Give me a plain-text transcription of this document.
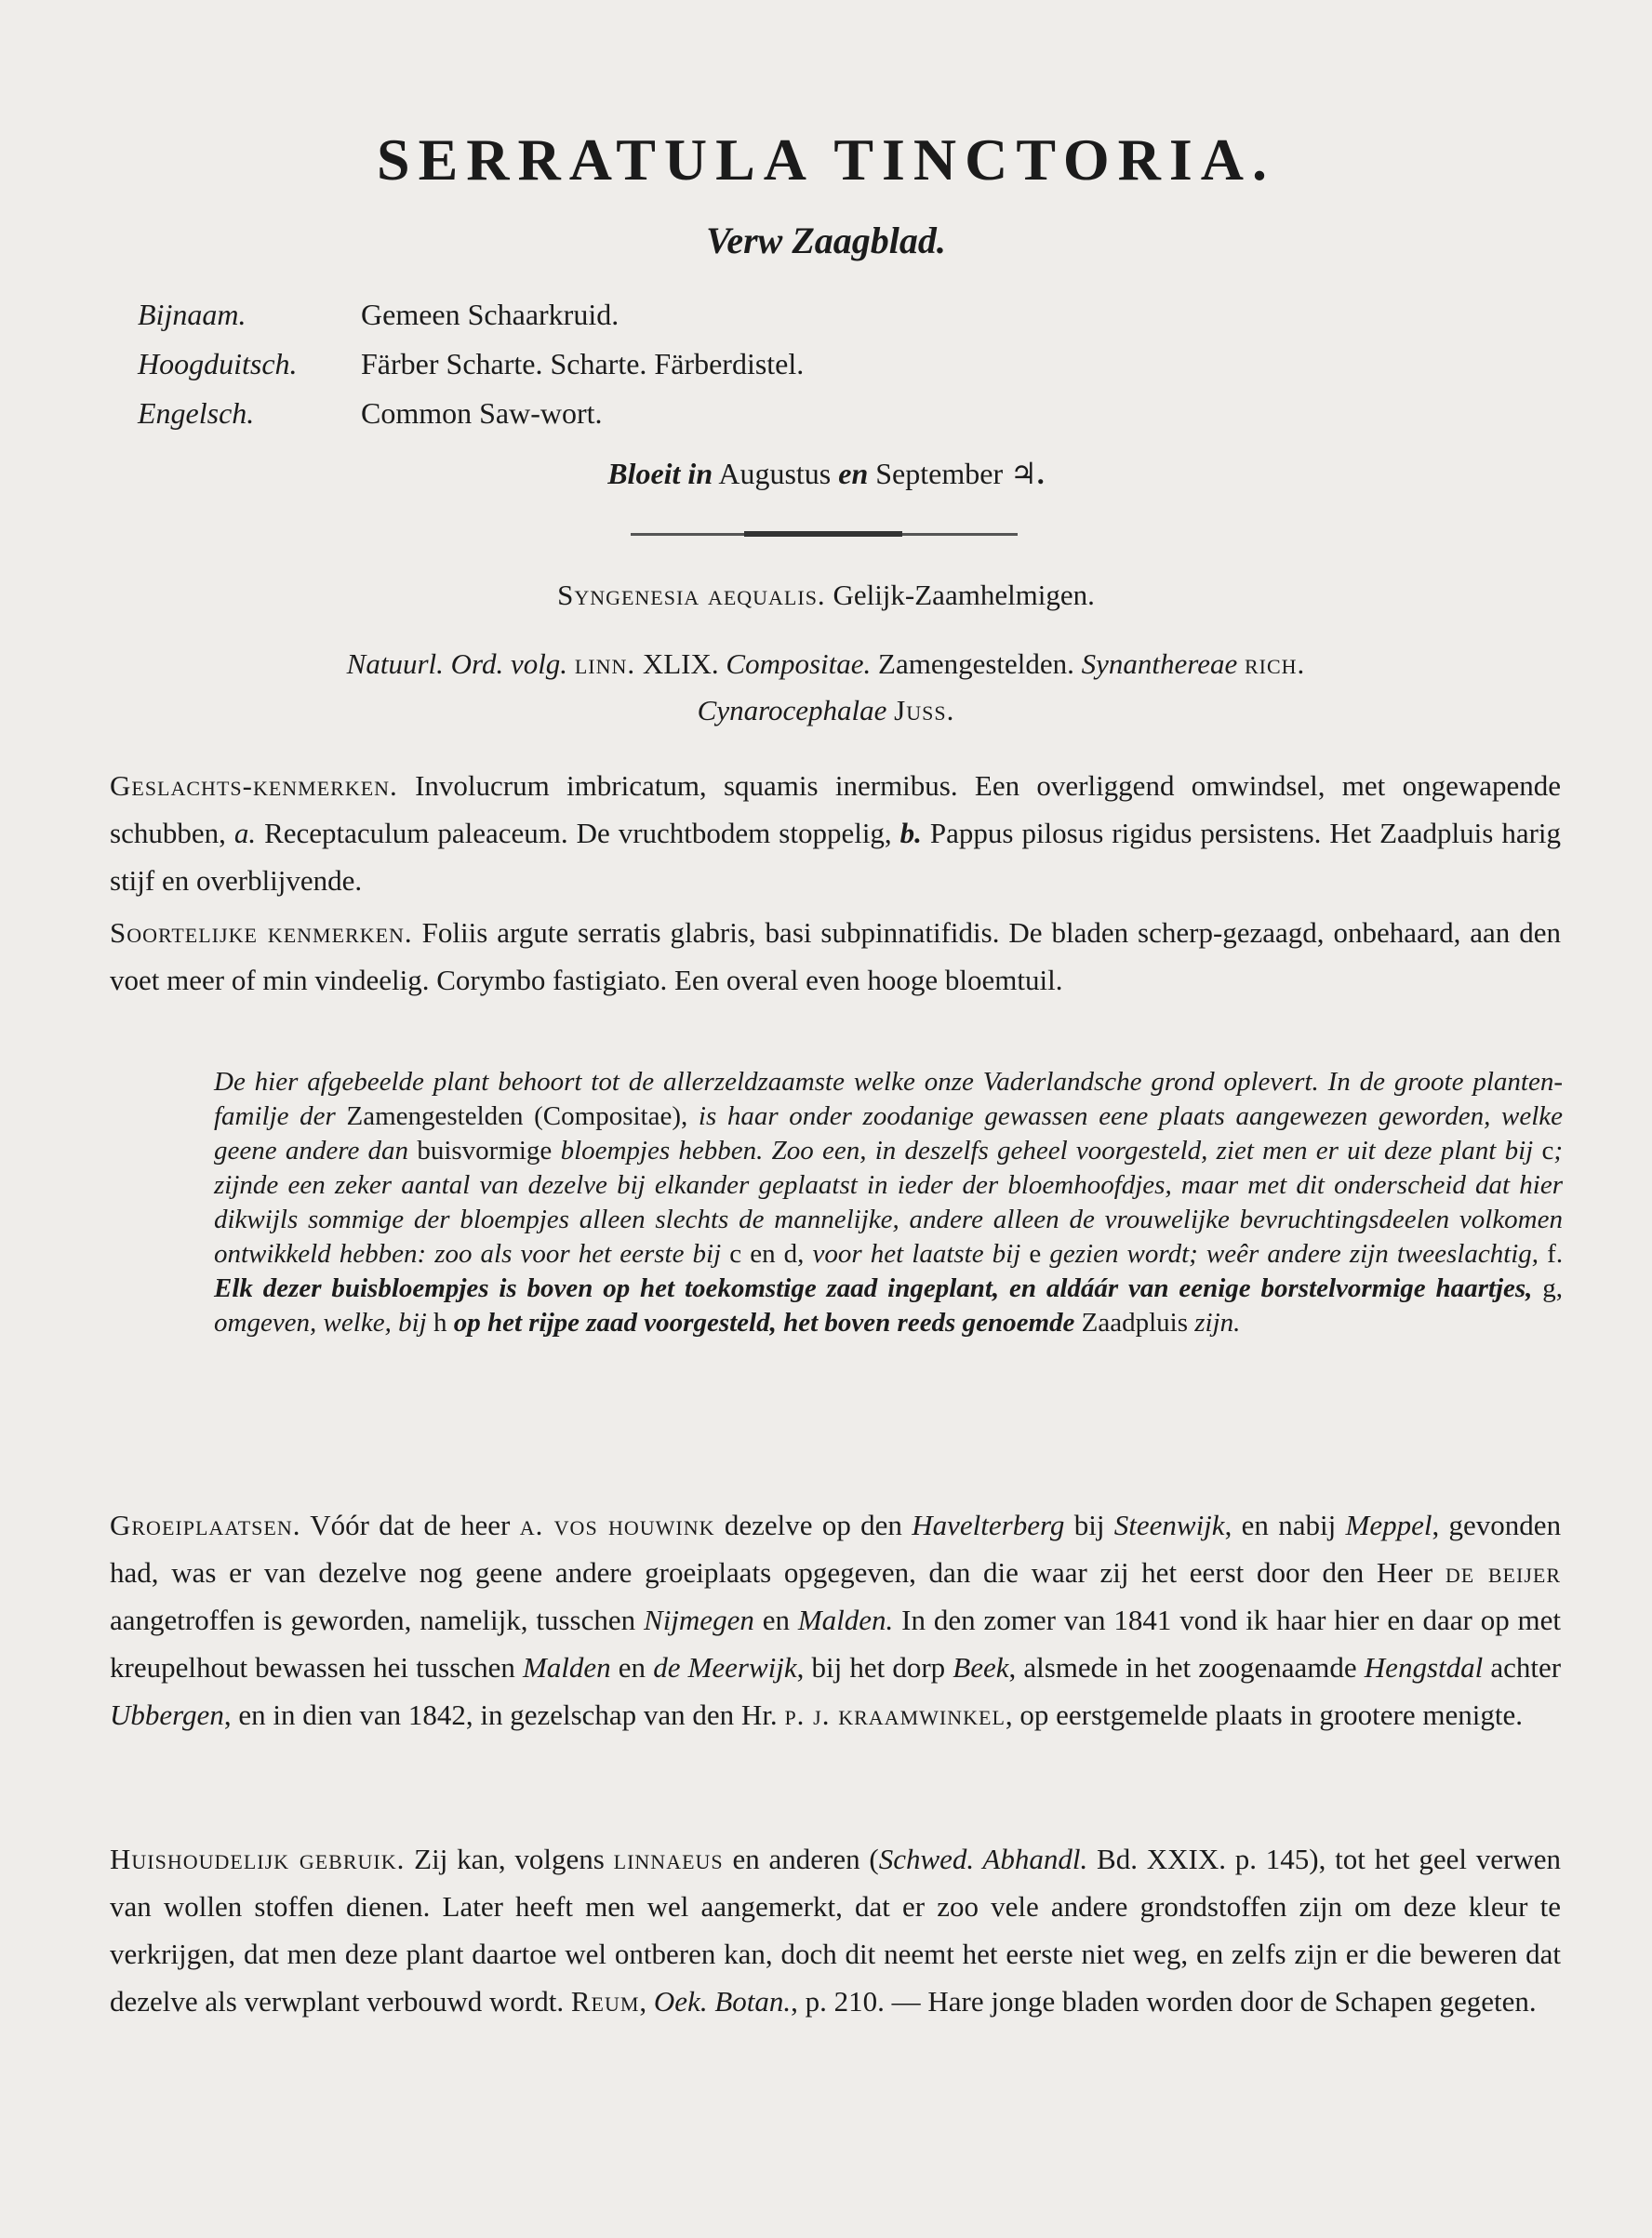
SERRATULA TINCTORIA.
Verw Zaagblad.
Bijnaam.	Gemeen Schaarkruid.
Hoogduitsch.	Färber Scharte. Scharte. Färberdistel.
Engelsch.	Common Saw-wort.
Bloeit in Augustus en September ♃.
Syngenesia aequalis. Gelijk-Zaamhelmigen.
Natuurl. Ord. volg. linn. XLIX. Compositae. Zamengestelden. Synanthereae rich.
Cynarocephalae Juss.
Geslachts-kenmerken. Involucrum imbricatum, squamis inermibus. Een overliggend omwindsel, met ongewapende schubben, a. Receptaculum paleaceum. De vruchtbodem stoppelig, b. Pappus pilosus rigidus persistens. Het Zaadpluis harig stijf en overblijvende.
Soortelijke kenmerken. Foliis argute serratis glabris, basi subpinnatifidis. De bladen scherp-gezaagd, onbehaard, aan den voet meer of min vindeelig. Corymbo fastigiato. Een overal even hooge bloemtuil.
De hier afgebeelde plant behoort tot de allerzeldzaamste welke onze Vaderlandsche grond oplevert. In de groote planten-familje der Zamengestelden (Compositae), is haar onder zoodanige gewassen eene plaats aangewezen geworden, welke geene andere dan buisvormige bloempjes hebben. Zoo een, in deszelfs geheel voorgesteld, ziet men er uit deze plant bij c; zijnde een zeker aantal van dezelve bij elkander geplaatst in ieder der bloemhoofdjes, maar met dit onderscheid dat hier dikwijls sommige der bloempjes alleen slechts de mannelijke, andere alleen de vrouwelijke bevruchtingsdeelen volkomen ontwikkeld hebben: zoo als voor het eerste bij c en d, voor het laatste bij e gezien wordt; weêr andere zijn tweeslachtig, f. Elk dezer buisbloempjes is boven op het toekomstige zaad ingeplant, en aldáár van eenige borstelvormige haartjes, g, omgeven, welke, bij h op het rijpe zaad voorgesteld, het boven reeds genoemde Zaadpluis zijn.
Groeiplaatsen. Vóór dat de heer a. vos houwink dezelve op den Havelterberg bij Steenwijk, en nabij Meppel, gevonden had, was er van dezelve nog geene andere groeiplaats opgegeven, dan die waar zij het eerst door den Heer de beijer aangetroffen is geworden, namelijk, tusschen Nijmegen en Malden. In den zomer van 1841 vond ik haar hier en daar op met kreupelhout bewassen hei tusschen Malden en de Meerwijk, bij het dorp Beek, alsmede in het zoogenaamde Hengstdal achter Ubbergen, en in dien van 1842, in gezelschap van den Hr. p. j. kraamwinkel, op eerstgemelde plaats in grootere menigte.
Huishoudelijk gebruik. Zij kan, volgens linnaeus en anderen (Schwed. Abhandl. Bd. XXIX. p. 145), tot het geel verwen van wollen stoffen dienen. Later heeft men wel aangemerkt, dat er zoo vele andere grondstoffen zijn om deze kleur te verkrijgen, dat men deze plant daartoe wel ontberen kan, doch dit neemt het eerste niet weg, en zelfs zijn er die beweren dat dezelve als verwplant verbouwd wordt. Reum, Oek. Botan., p. 210. — Hare jonge bladen worden door de Schapen gegeten.
